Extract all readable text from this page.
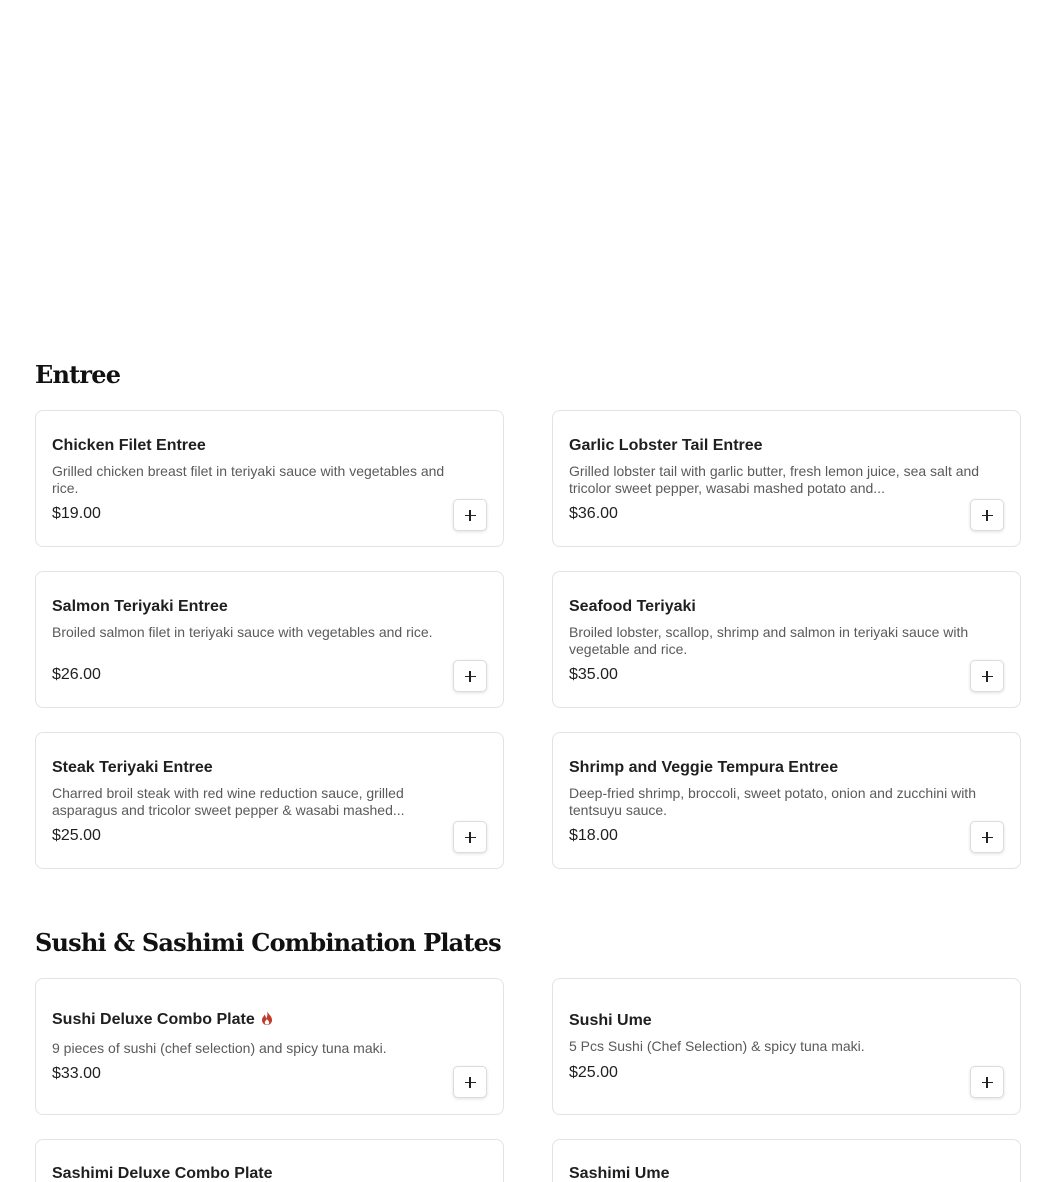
Entree
Chicken Filet Entree
Grilled chicken breast filet in teriyaki sauce with vegetables and rice.
$19.00
Garlic Lobster Tail Entree
Grilled lobster tail with garlic butter, fresh lemon juice, sea salt and tricolor sweet pepper, wasabi mashed potato and...
$36.00
Salmon Teriyaki Entree
Broiled salmon filet in teriyaki sauce with vegetables and rice.
$26.00
Seafood Teriyaki
Broiled lobster, scallop, shrimp and salmon in teriyaki sauce with vegetable and rice.
$35.00
Steak Teriyaki Entree
Charred broil steak with red wine reduction sauce, grilled asparagus and tricolor sweet pepper & wasabi mashed...
$25.00
Shrimp and Veggie Tempura Entree
Deep-fried shrimp, broccoli, sweet potato, onion and zucchini with tentsuyu sauce.
$18.00
Sushi & Sashimi Combination Plates
Sushi Deluxe Combo Plate
9 pieces of sushi (chef selection) and spicy tuna maki.
$33.00
Sushi Ume
5 Pcs Sushi (Chef Selection) & spicy tuna maki.
$25.00
Sashimi Deluxe Combo Plate	Sashimi Ume
